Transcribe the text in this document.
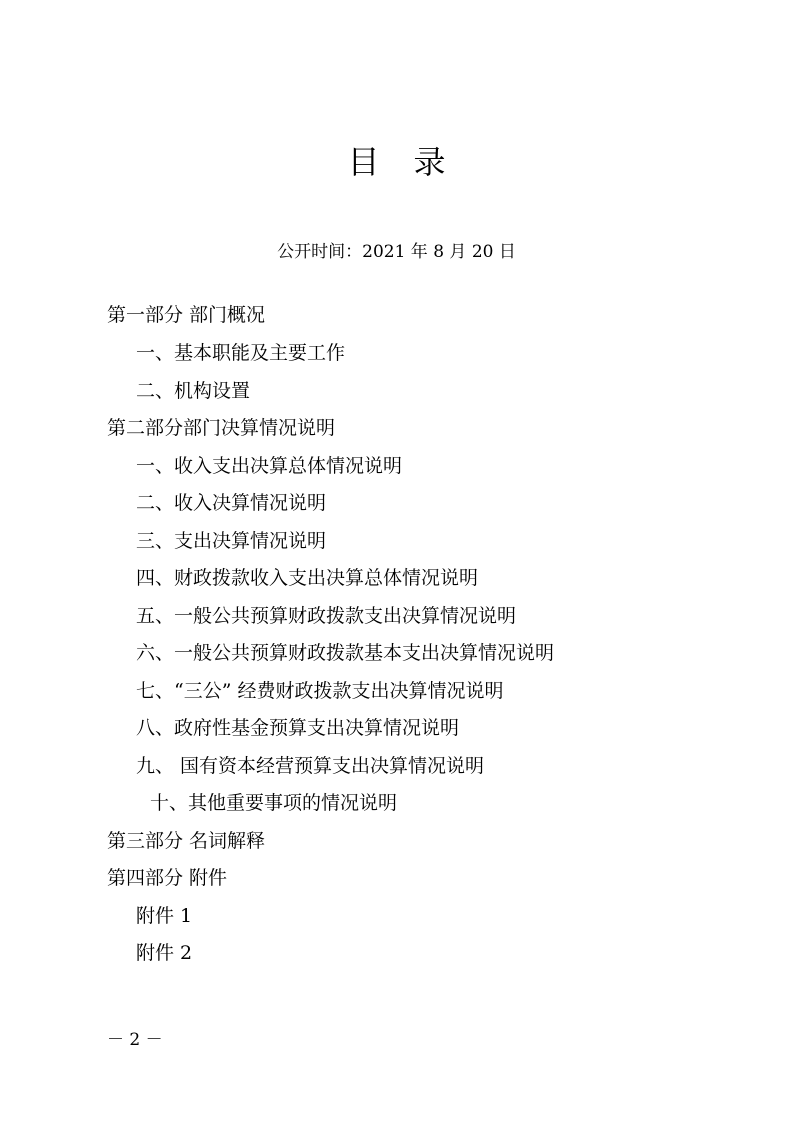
目录
公开时间：2021 年 8 月 20 日
第一部分 部门概况
一、基本职能及主要工作
二、机构设置
第二部分部门决算情况说明
一、收入支出决算总体情况说明
二、收入决算情况说明
三、支出决算情况说明
四、财政拨款收入支出决算总体情况说明
五、一般公共预算财政拨款支出决算情况说明
六、一般公共预算财政拨款基本支出决算情况说明
七、“三公” 经费财政拨款支出决算情况说明
八、政府性基金预算支出决算情况说明
九、 国有资本经营预算支出决算情况说明
十、其他重要事项的情况说明
第三部分 名词解释
第四部分 附件
附件 1
附件 2
－ 2 －
